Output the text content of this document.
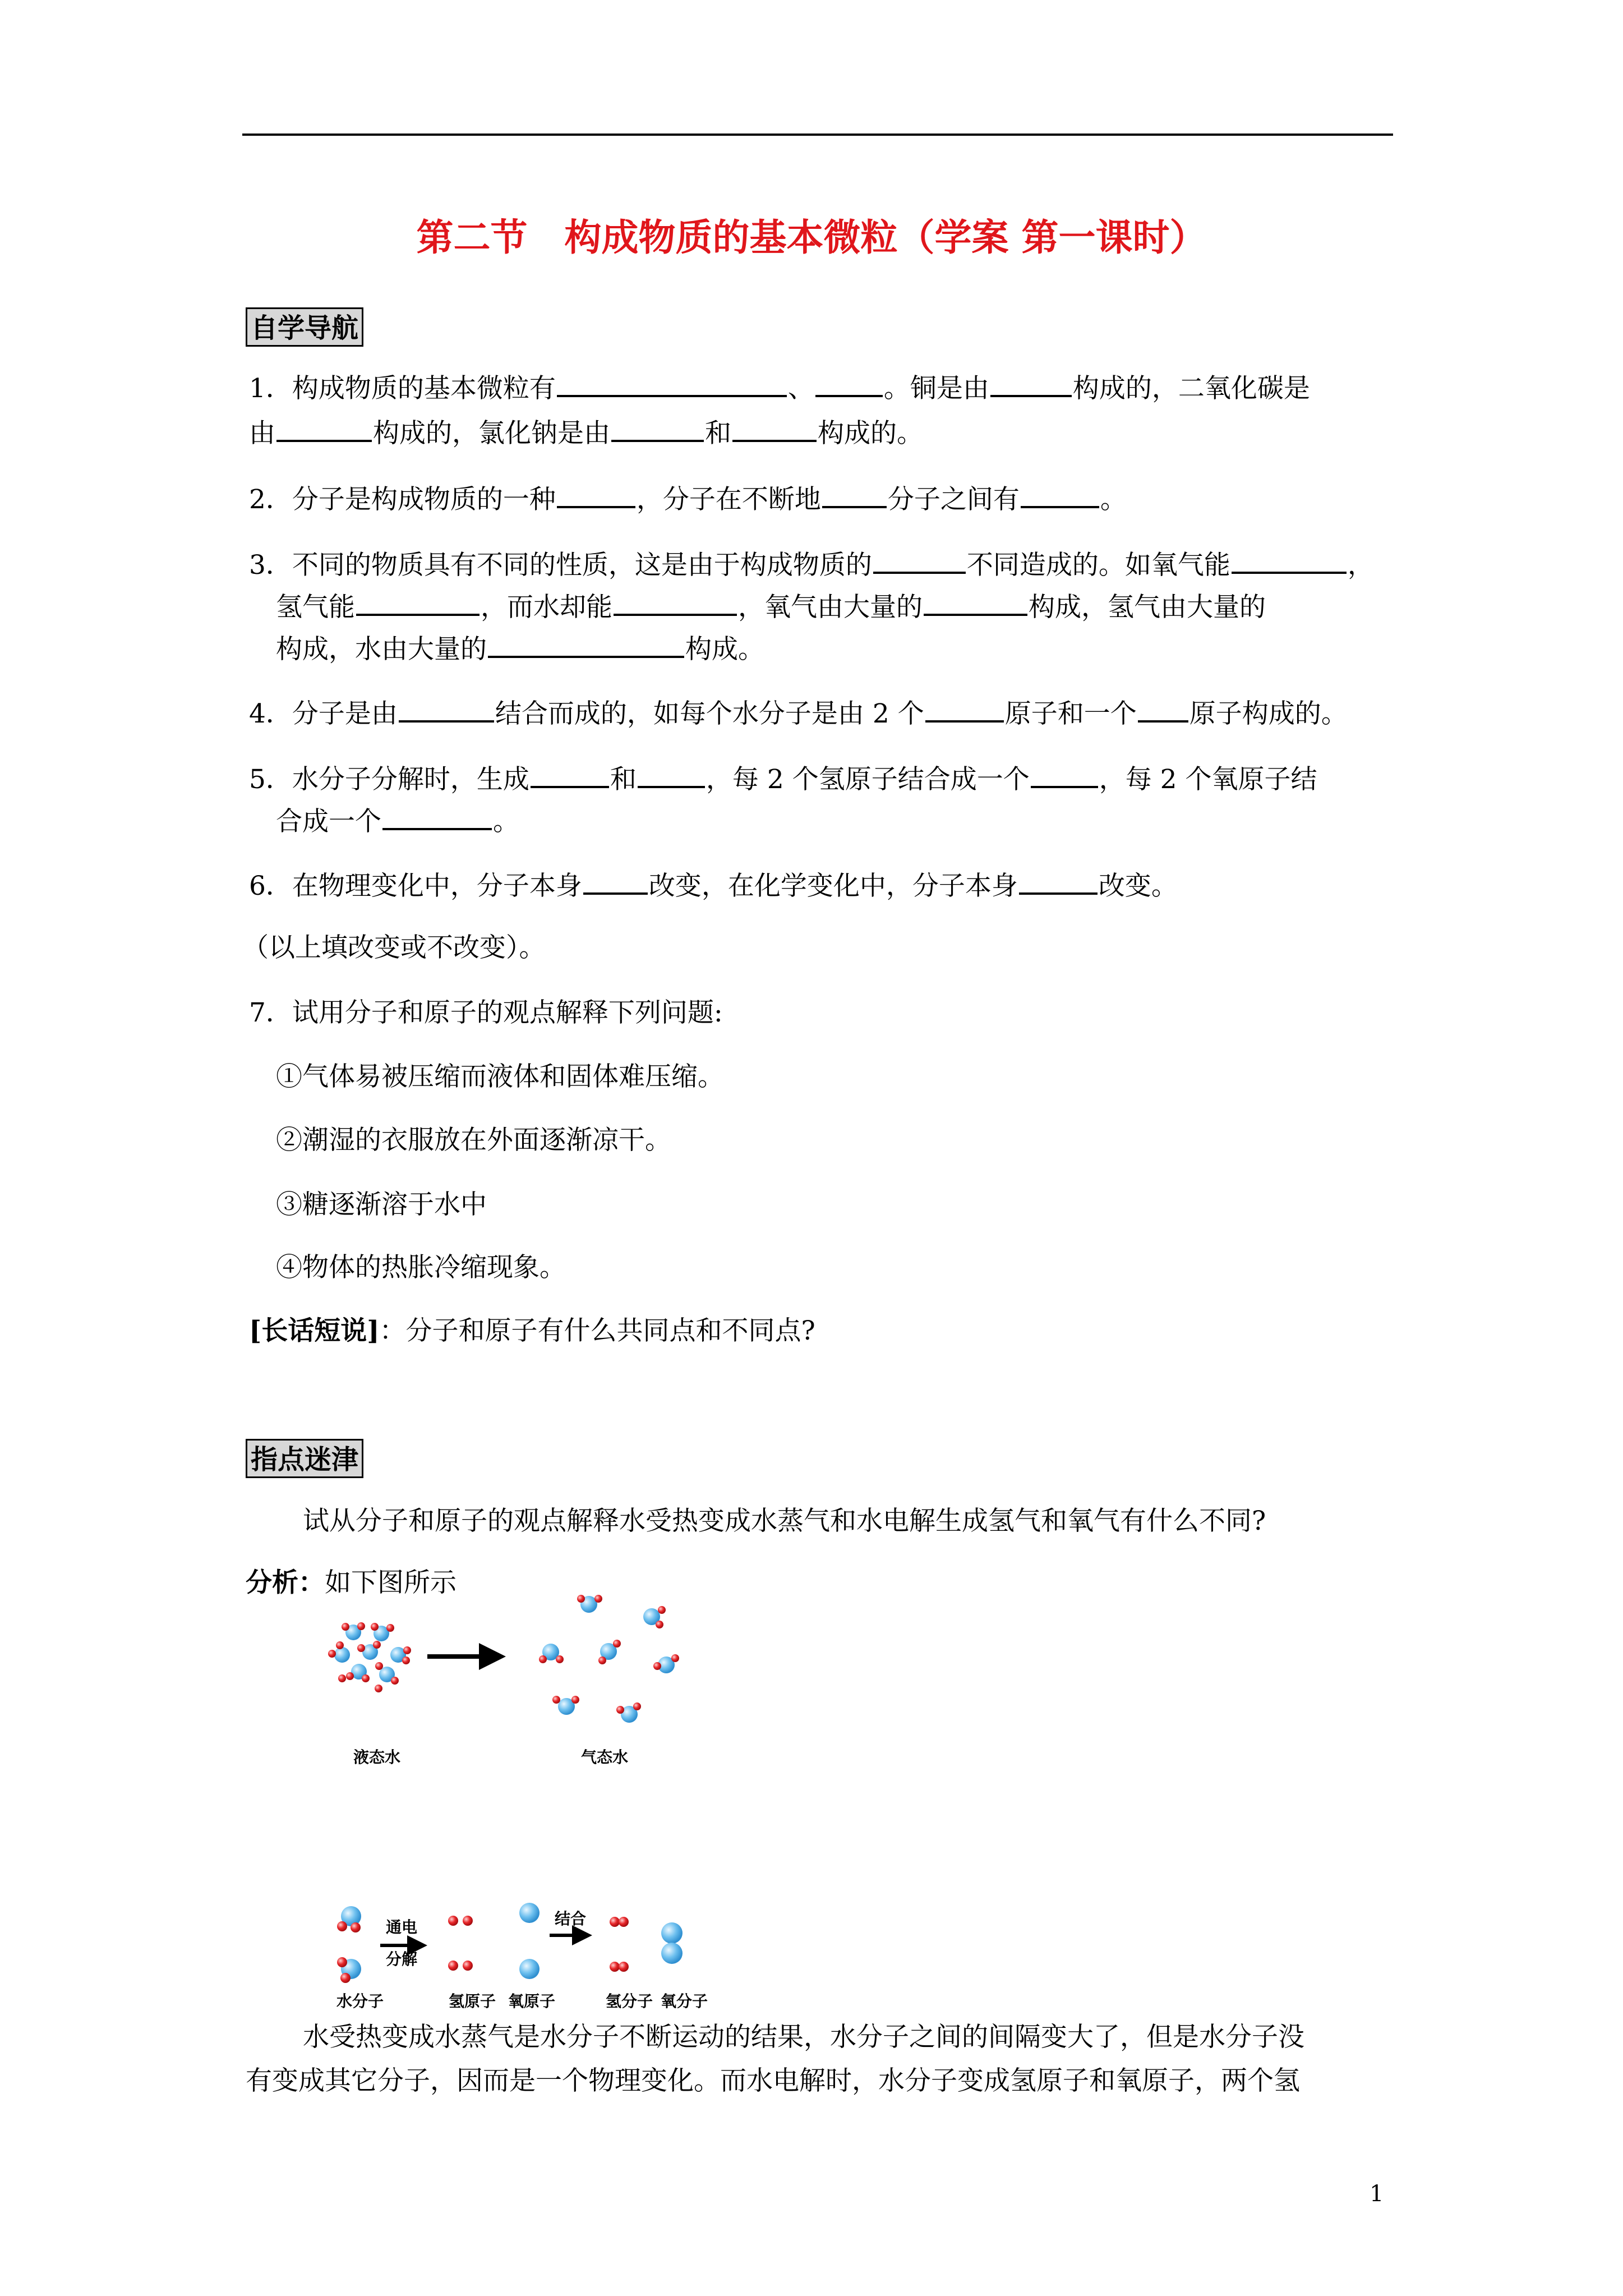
第二节　构成物质的基本微粒（学案 第一课时）
自学导航
1．构成物质的基本微粒有	、	。铜是由	构成的，二氧化碳是
由	构成的，氯化钠是由	和	构成的。
2．分子是构成物质的一种	，分子在不断地	分子之间有	。
3．不同的物质具有不同的性质，这是由于构成物质的	不同造成的。如氧气能	，
氢气能	，而水却能	，氧气由大量的	构成，氢气由大量的
构成，水由大量的	构成。
4．分子是由	结合而成的，如每个水分子是由 2 个	原子和一个 原子构成的。
5．水分子分解时，生成	和	，每 2 个氢原子结合成一个	，每 2 个氧原子结
合成一个	。
6．在物理变化中，分子本身	改变，在化学变化中，分子本身	改变。
（以上填改变或不改变）。
7．试用分子和原子的观点解释下列问题:
①气体易被压缩而液体和固体难压缩。
②潮湿的衣服放在外面逐渐凉干。
③糖逐渐溶于水中
④物体的热胀冷缩现象。
[长话短说]：分子和原子有什么共同点和不同点?
指点迷津
试从分子和原子的观点解释水受热变成水蒸气和水电解生成氢气和氧气有什么不同?
分析：如下图所示
液态水	气态水
通电
分解
结合
水分子	氢原子 氧原子	氢分子 氧分子
水受热变成水蒸气是水分子不断运动的结果，水分子之间的间隔变大了，但是水分子没
有变成其它分子，因而是一个物理变化。而水电解时，水分子变成氢原子和氧原子，两个氢
1
